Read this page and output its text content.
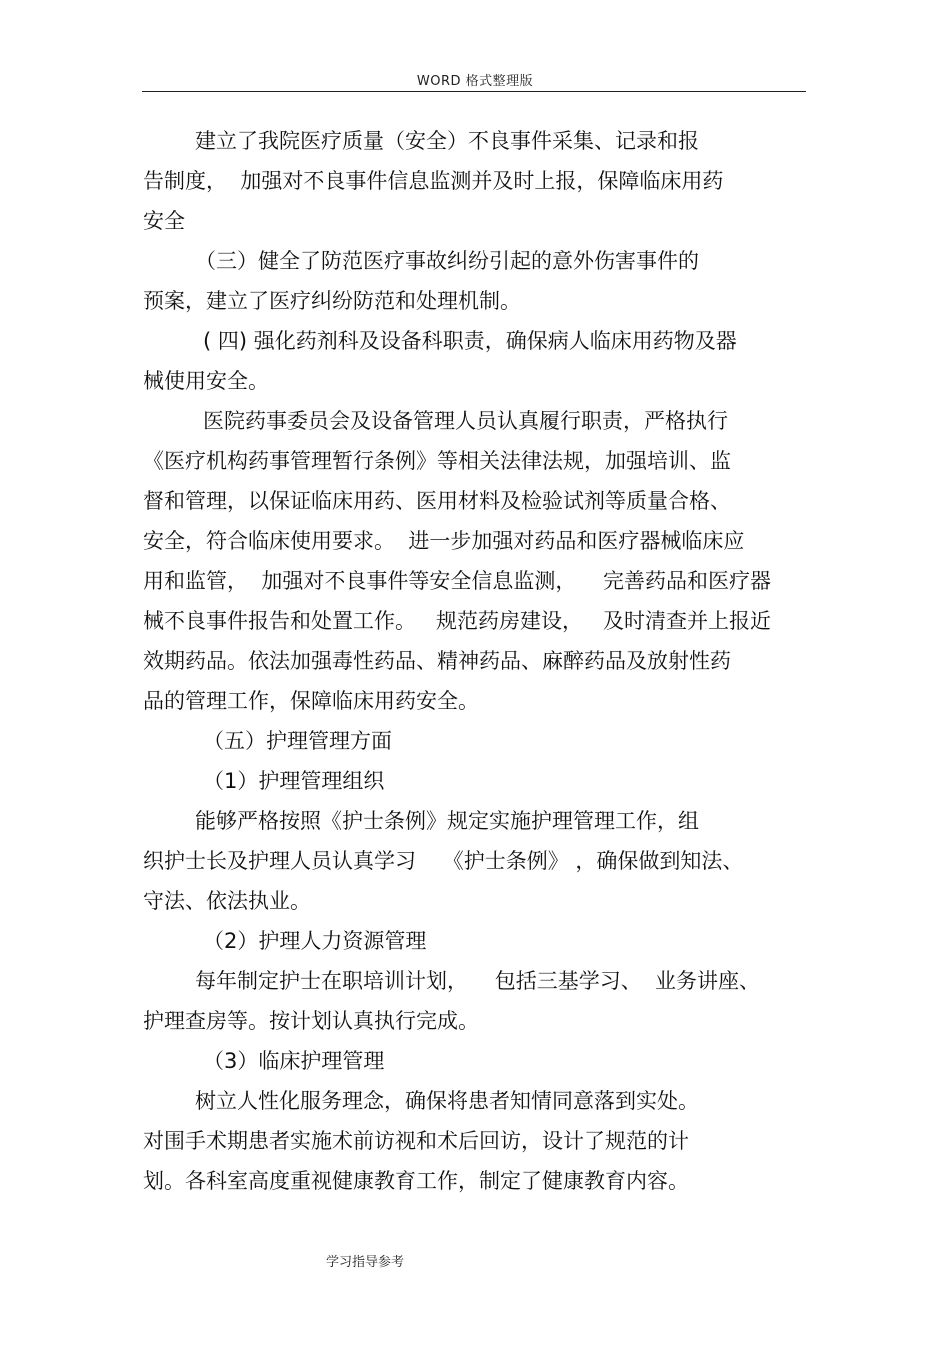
WORD 格式整理版
建立了我院医疗质量（安全）不良事件采集、记录和报
告制度，  加强对不良事件信息监测并及时上报，保障临床用药
安全
（三）健全了防范医疗事故纠纷引起的意外伤害事件的
预案，建立了医疗纠纷防范和处理机制。
( 四) 强化药剂科及设备科职责，确保病人临床用药物及器
械使用安全。
医院药事委员会及设备管理人员认真履行职责，严格执行
《医疗机构药事管理暂行条例》等相关法律法规，加强培训、监
督和管理，以保证临床用药、医用材料及检验试剂等质量合格、
安全，符合临床使用要求。  进一步加强对药品和医疗器械临床应
用和监管，  加强对不良事件等安全信息监测，    完善药品和医疗器
械不良事件报告和处置工作。   规范药房建设，   及时清查并上报近
效期药品。依法加强毒性药品、精神药品、麻醉药品及放射性药
品的管理工作，保障临床用药安全。
（五）护理管理方面
（1）护理管理组织
能够严格按照《护士条例》规定实施护理管理工作，组
织护士长及护理人员认真学习    《护士条例》 ，确保做到知法、
守法、依法执业。
（2）护理人力资源管理
每年制定护士在职培训计划，    包括三基学习、  业务讲座、
护理查房等。按计划认真执行完成。
（3）临床护理管理
树立人性化服务理念，确保将患者知情同意落到实处。
对围手术期患者实施术前访视和术后回访，设计了规范的计
划。各科室高度重视健康教育工作，制定了健康教育内容。
学习指导参考
